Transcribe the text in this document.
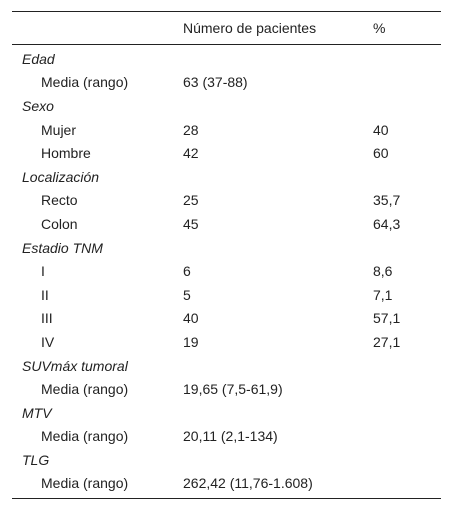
	Número de pacientes	%
Edad		
Media (rango)	63 (37-88)	
Sexo		
Mujer	28	40
Hombre	42	60
Localización		
Recto	25	35,7
Colon	45	64,3
Estadio TNM		
I	6	8,6
II	5	7,1
III	40	57,1
IV	19	27,1
SUVmáx tumoral		
Media (rango)	19,65 (7,5-61,9)	
MTV		
Media (rango)	20,11 (2,1-134)	
TLG		
Media (rango)	262,42 (11,76-1.608)	
